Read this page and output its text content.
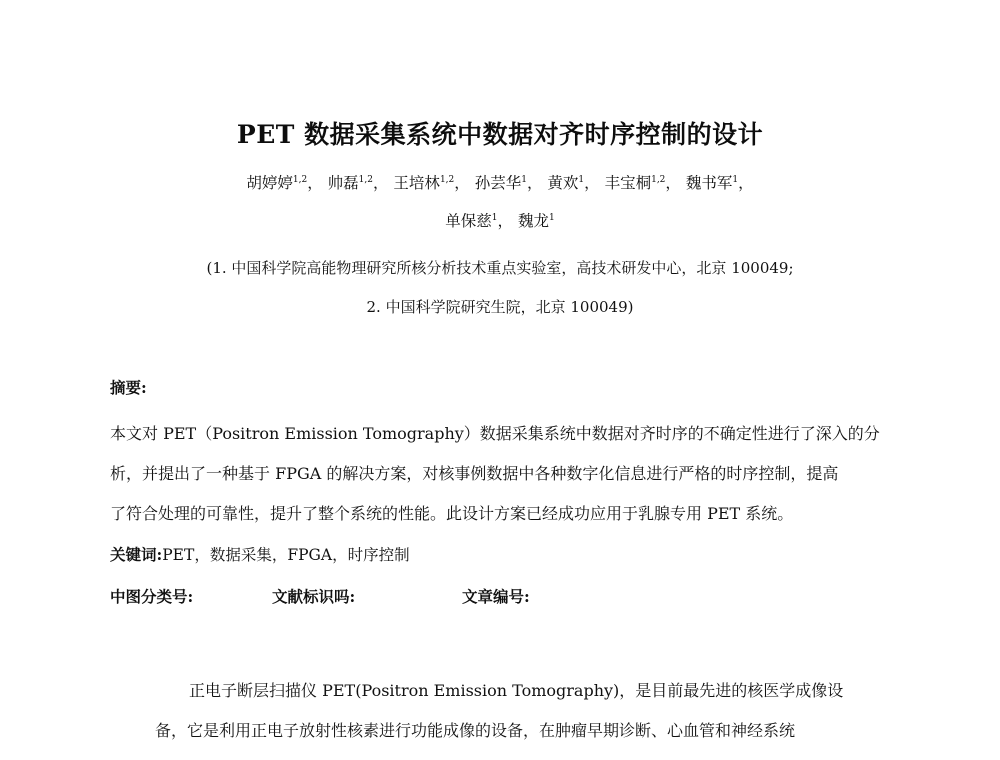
PET 数据采集系统中数据对齐时序控制的设计
胡婷婷$^{1,2}$， 帅磊$^{1,2}$， 王培林$^{1,2}$， 孙芸华$^1$， 黄欢$^1$， 丰宝桐$^{1,2}$， 魏书军$^1$，
单保慈$^1$， 魏龙$^1$
(1. 中国科学院高能物理研究所核分析技术重点实验室，高技术研发中心，北京 100049;
2. 中国科学院研究生院，北京 100049)
摘要:
本文对 PET（Positron Emission Tomography）数据采集系统中数据对齐时序的不确定性进行了深入的分
析，并提出了一种基于 FPGA 的解决方案，对核事例数据中各种数字化信息进行严格的时序控制，提高
了符合处理的可靠性，提升了整个系统的性能。此设计方案已经成功应用于乳腺专用 PET 系统。
关键词:PET，数据采集，FPGA，时序控制
中图分类号:	文献标识吗:	文章编号:
正电子断层扫描仪 PET(Positron Emission Tomography)，是目前最先进的核医学成像设
备，它是利用正电子放射性核素进行功能成像的设备，在肿瘤早期诊断、心血管和神经系统
